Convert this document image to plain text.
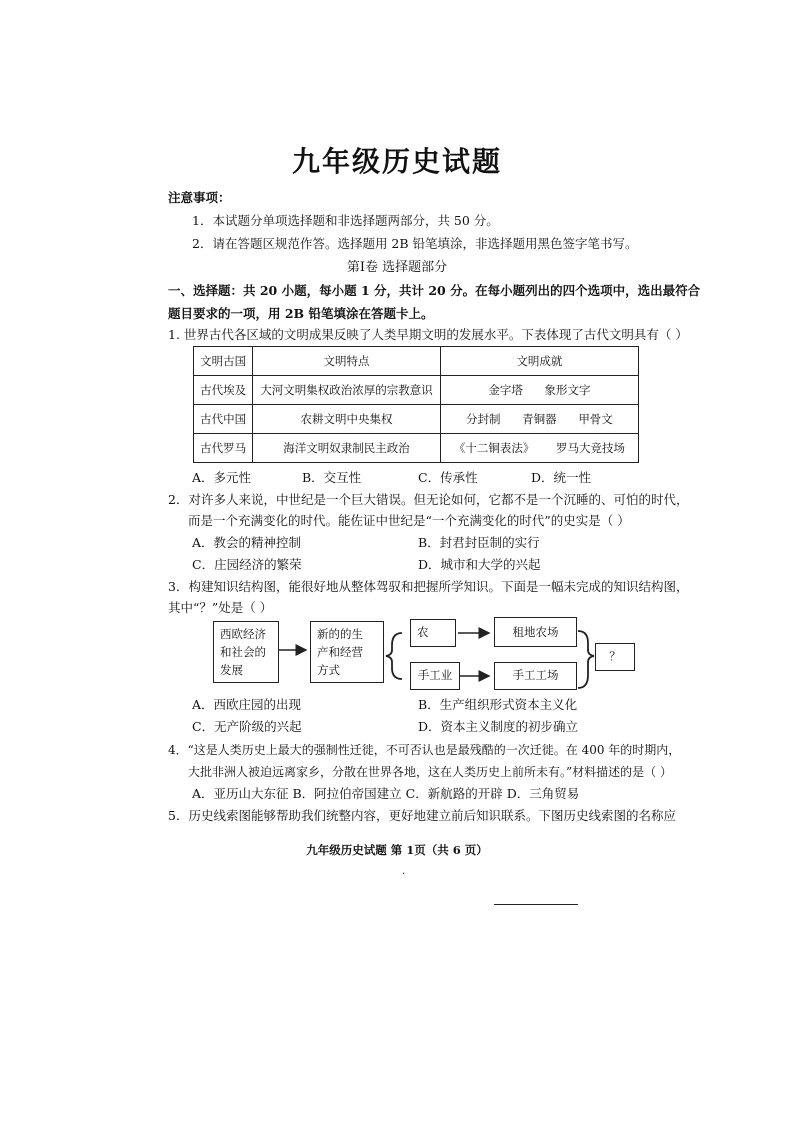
九年级历史试题
注意事项：
1．本试题分单项选择题和非选择题两部分，共 50 分。
2．请在答题区规范作答。选择题用 2B 铅笔填涂，非选择题用黑色签字笔书写。
第Ⅰ卷 选择题部分
一、选择题：共 20 小题，每小题 1 分，共计 20 分。在每小题列出的四个选项中，选出最符合
题目要求的一项，用 2B 铅笔填涂在答题卡上。
1. 世界古代各区域的文明成果反映了人类早期文明的发展水平。下表体现了古代文明具有（ ）
文明古国	文明特点	文明成就
古代埃及	大河文明集权政治浓厚的宗教意识	金字塔 象形文字
古代中国	农耕文明中央集权	分封制 青铜器 甲骨文
古代罗马	海洋文明奴隶制民主政治	《十二铜表法》 罗马大竞技场
A．多元性	B．交互性	C．传承性	D．统一性
2．对许多人来说，中世纪是一个巨大错误。但无论如何，它都不是一个沉睡的、可怕的时代，
而是一个充满变化的时代。能佐证中世纪是“一个充满变化的时代”的史实是（ ）
A．教会的精神控制	B．封君封臣制的实行
C．庄园经济的繁荣	D．城市和大学的兴起
3．构建知识结构图，能很好地从整体驾驭和把握所学知识。下面是一幅未完成的知识结构图，
其中“？”处是（ ）
西欧经济
和社会的
发展
新的的生
产和经营
方式
农	租地农场
手工业	手工工场
？
A．西欧庄园的出现	B．生产组织形式资本主义化
C．无产阶级的兴起	D．资本主义制度的初步确立
4．“这是人类历史上最大的强制性迁徙，不可否认也是最残酷的一次迁徙。在 400 年的时期内，
大批非洲人被迫远离家乡，分散在世界各地，这在人类历史上前所未有。”材料描述的是（ ）
A．亚历山大东征 B．阿拉伯帝国建立 C．新航路的开辟 D．三角贸易
5．历史线索图能够帮助我们统整内容，更好地建立前后知识联系。下图历史线索图的名称应
九年级历史试题 第 1页（共 6 页）
.
